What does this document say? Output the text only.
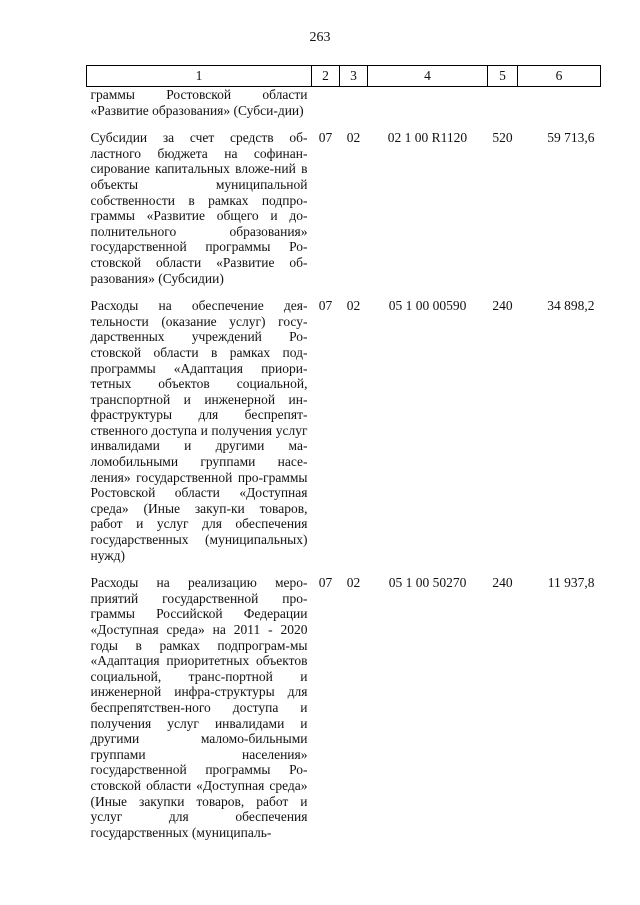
263
1	2	3	4	5	6
граммы Ростовской области «Развитие образования» (Субси-дии)					
Субсидии за счет средств об-ластного бюджета на софинан-сирование капитальных вложе-ний в объекты муниципальной собственности в рамках подпро-граммы «Развитие общего и до-полнительного образования» государственной программы Ро-стовской области «Развитие об-разования» (Субсидии)	07	02	02 1 00 R1120	520	59 713,6
Расходы на обеспечение дея-тельности (оказание услуг) госу-дарственных учреждений Ро-стовской области в рамках под-программы «Адаптация приори-тетных объектов социальной, транспортной и инженерной ин-фраструктуры для беспрепят-ственного доступа и получения услуг инвалидами и другими ма-ломобильными группами насе-ления» государственной про-граммы Ростовской области «Доступная среда» (Иные закуп-ки товаров, работ и услуг для обеспечения государственных (муниципальных) нужд)	07	02	05 1 00 00590	240	34 898,2
Расходы на реализацию меро-приятий государственной про-граммы Российской Федерации «Доступная среда» на 2011 - 2020 годы в рамках подпрограм-мы «Адаптация приоритетных объектов социальной, транс-портной и инженерной инфра-структуры для беспрепятствен-ного доступа и получения услуг инвалидами и другими маломо-бильными группами населения» государственной программы Ро-стовской области «Доступная среда» (Иные закупки товаров, работ и услуг для обеспечения государственных (муниципаль-	07	02	05 1 00 50270	240	11 937,8
